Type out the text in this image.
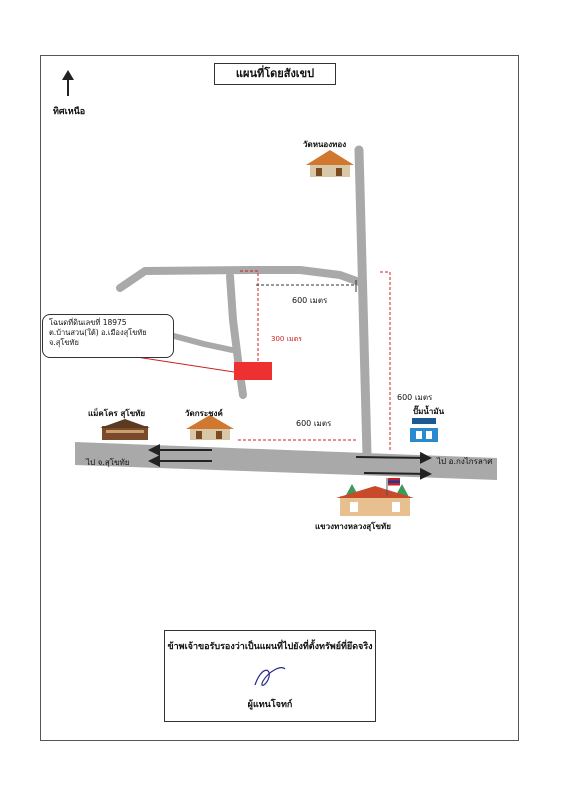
แผนที่โดยสังเขป
ทิศเหนือ
วัดหนองทอง
แม็คโคร สุโขทัย	วัดกระชงค์	ปั๊มน้ำมัน
แขวงทางหลวงสุโขทัย
600 เมตร
300 เมตร
600 เมตร
600 เมตร
ไป จ.สุโขทัย	ไป อ.กงไกรลาศ
โฉนดที่ดินเลขที่ 18975
ต.บ้านสวน(ใต้) อ.เมืองสุโขทัย
จ.สุโขทัย
ข้าพเจ้าขอรับรองว่าเป็นแผนที่ไปยังที่ตั้งทรัพย์ที่ยึดจริง
ผู้แทนโจทก์
